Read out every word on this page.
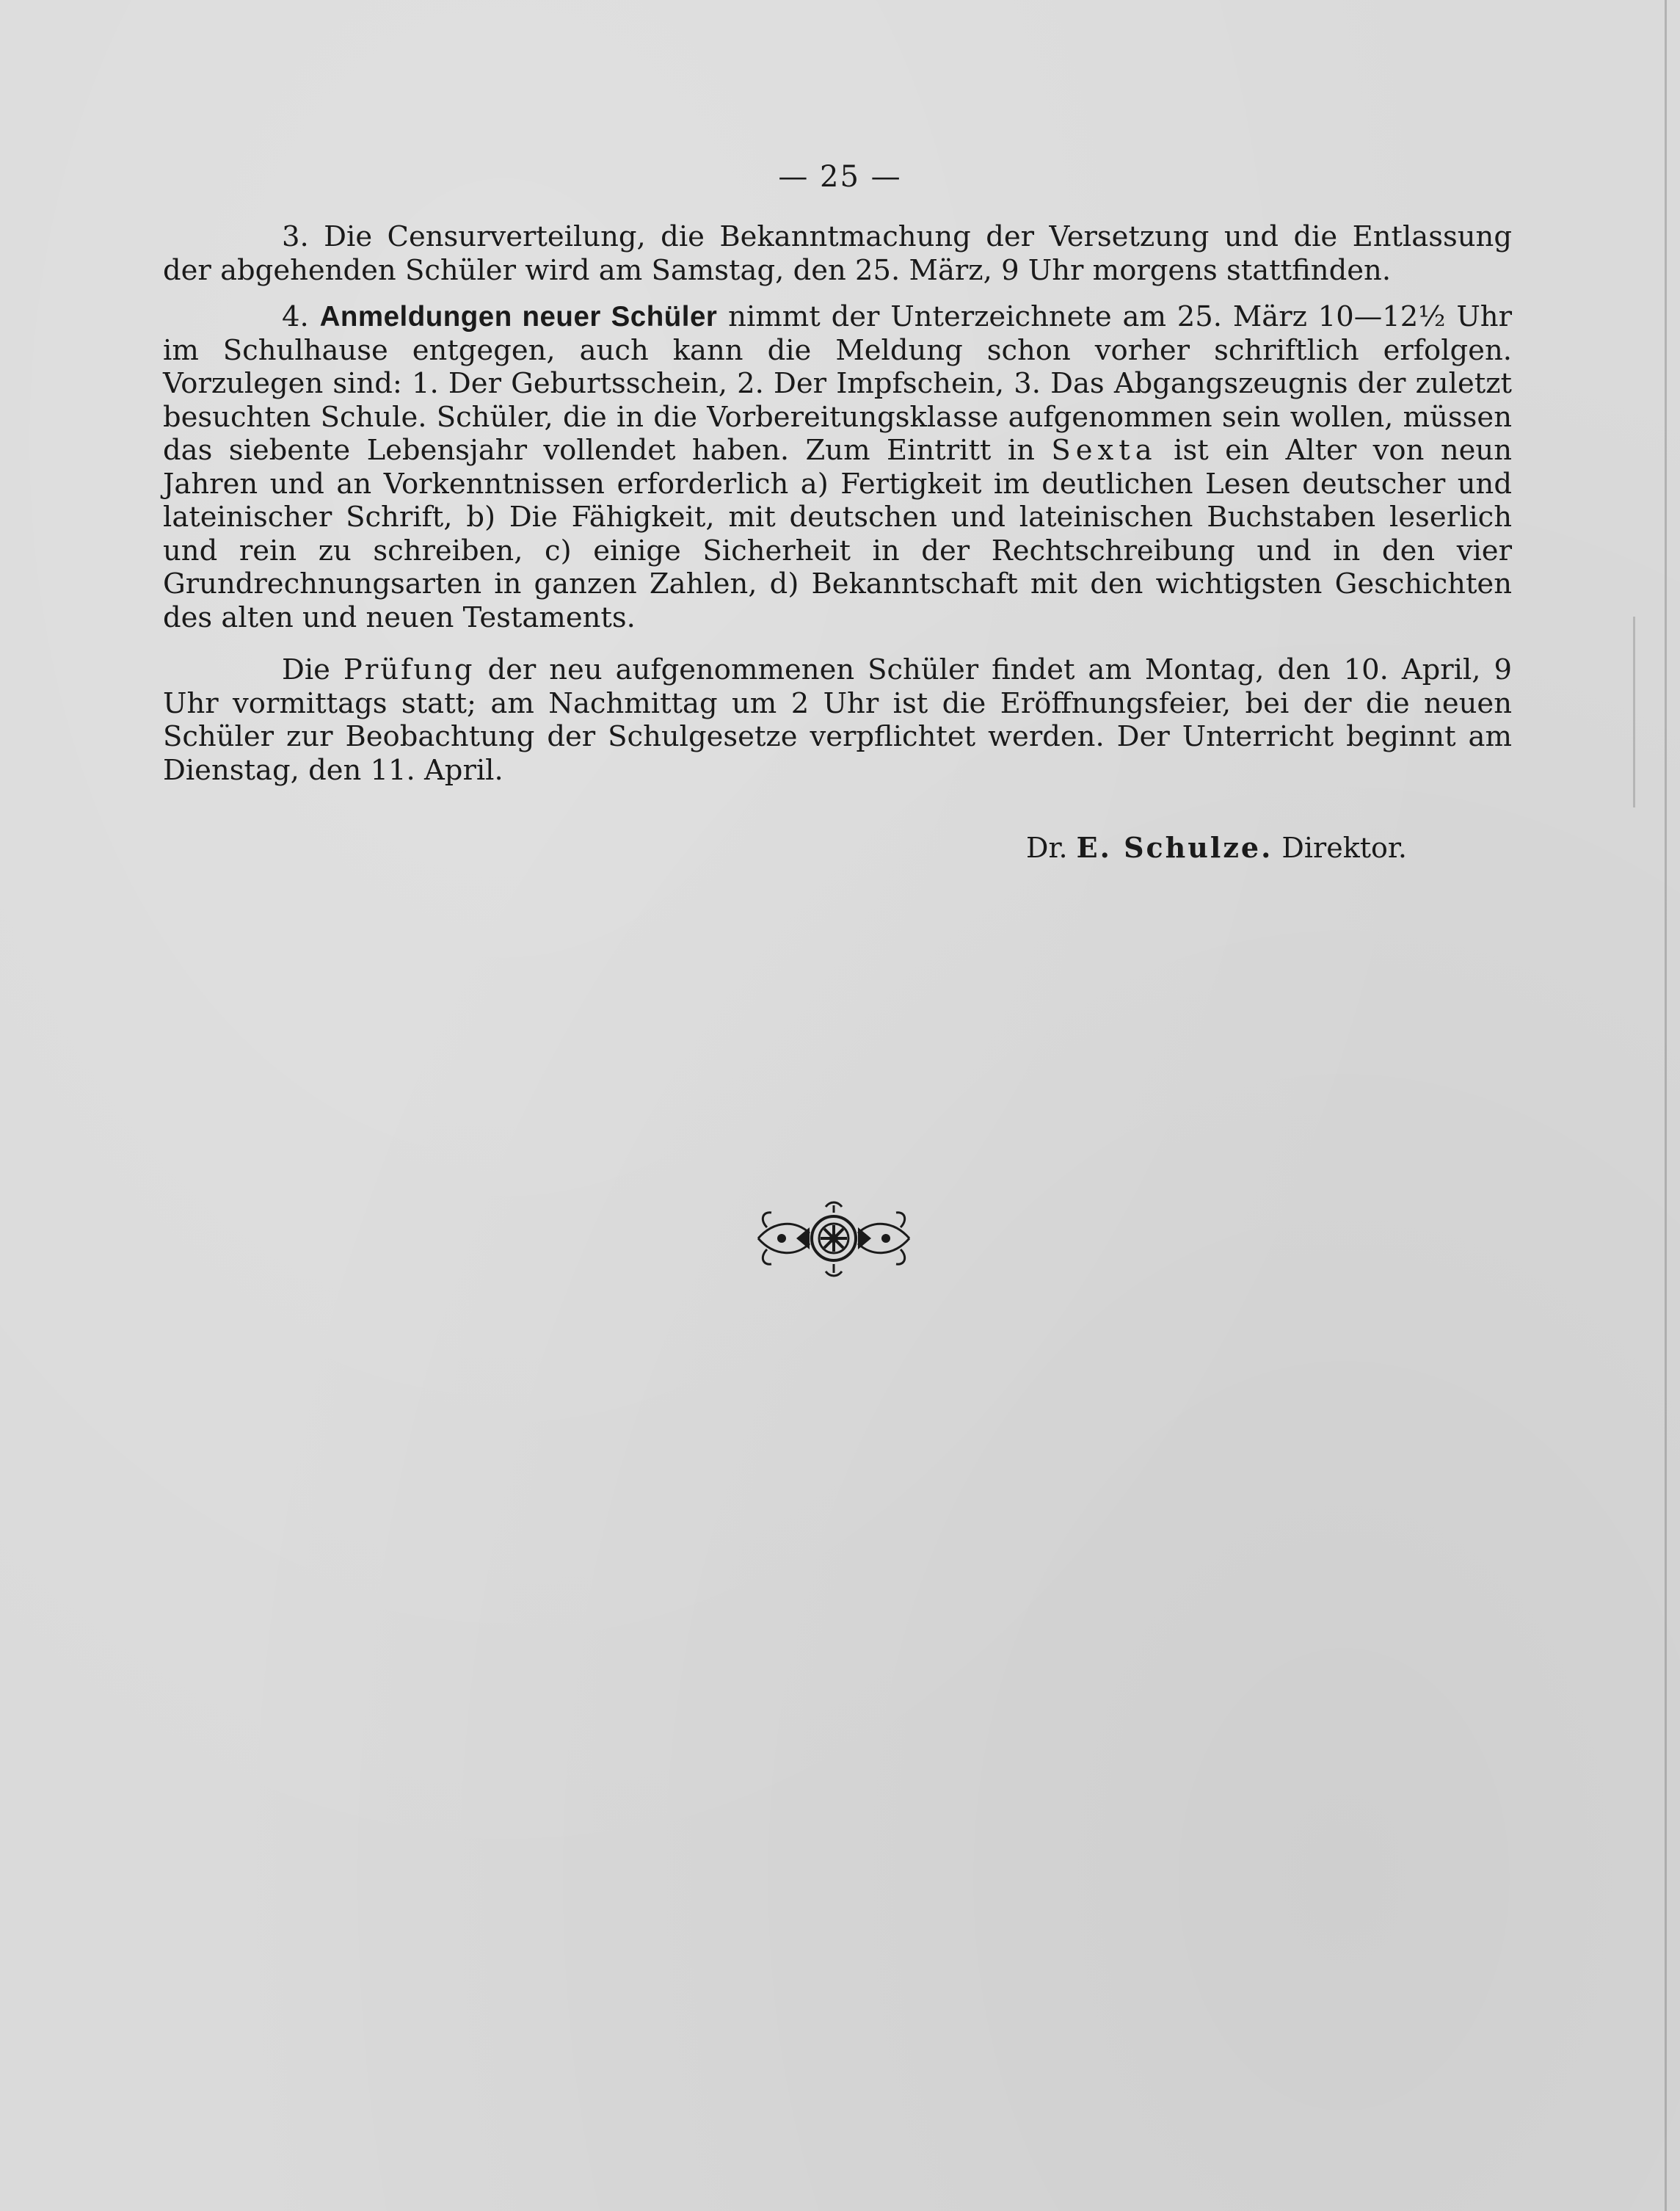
— 25 —

3. Die Censurverteilung, die Bekanntmachung der Versetzung und die Entlassung der abgehenden Schüler wird am Samstag, den 25. März, 9 Uhr morgens stattfinden.

4. Anmeldungen neuer Schüler nimmt der Unterzeichnete am 25. März 10—12½ Uhr im Schulhause entgegen, auch kann die Meldung schon vorher schriftlich erfolgen. Vorzulegen sind: 1. Der Geburtsschein, 2. Der Impfschein, 3. Das Abgangszeugnis der zuletzt besuchten Schule. Schüler, die in die Vorbereitungsklasse aufgenommen sein wollen, müssen das siebente Lebensjahr vollendet haben. Zum Eintritt in Sexta ist ein Alter von neun Jahren und an Vorkenntnissen erforderlich a) Fertigkeit im deutlichen Lesen deutscher und lateinischer Schrift, b) Die Fähigkeit, mit deutschen und lateinischen Buchstaben leserlich und rein zu schreiben, c) einige Sicherheit in der Rechtschreibung und in den vier Grundrechnungsarten in ganzen Zahlen, d) Bekanntschaft mit den wichtigsten Geschichten des alten und neuen Testaments.

Die Prüfung der neu aufgenommenen Schüler findet am Montag, den 10. April, 9 Uhr vormittags statt; am Nachmittag um 2 Uhr ist die Eröffnungsfeier, bei der die neuen Schüler zur Beobachtung der Schulgesetze verpflichtet werden. Der Unterricht beginnt am Dienstag, den 11. April.

Dr. E. Schulze. Direktor.
